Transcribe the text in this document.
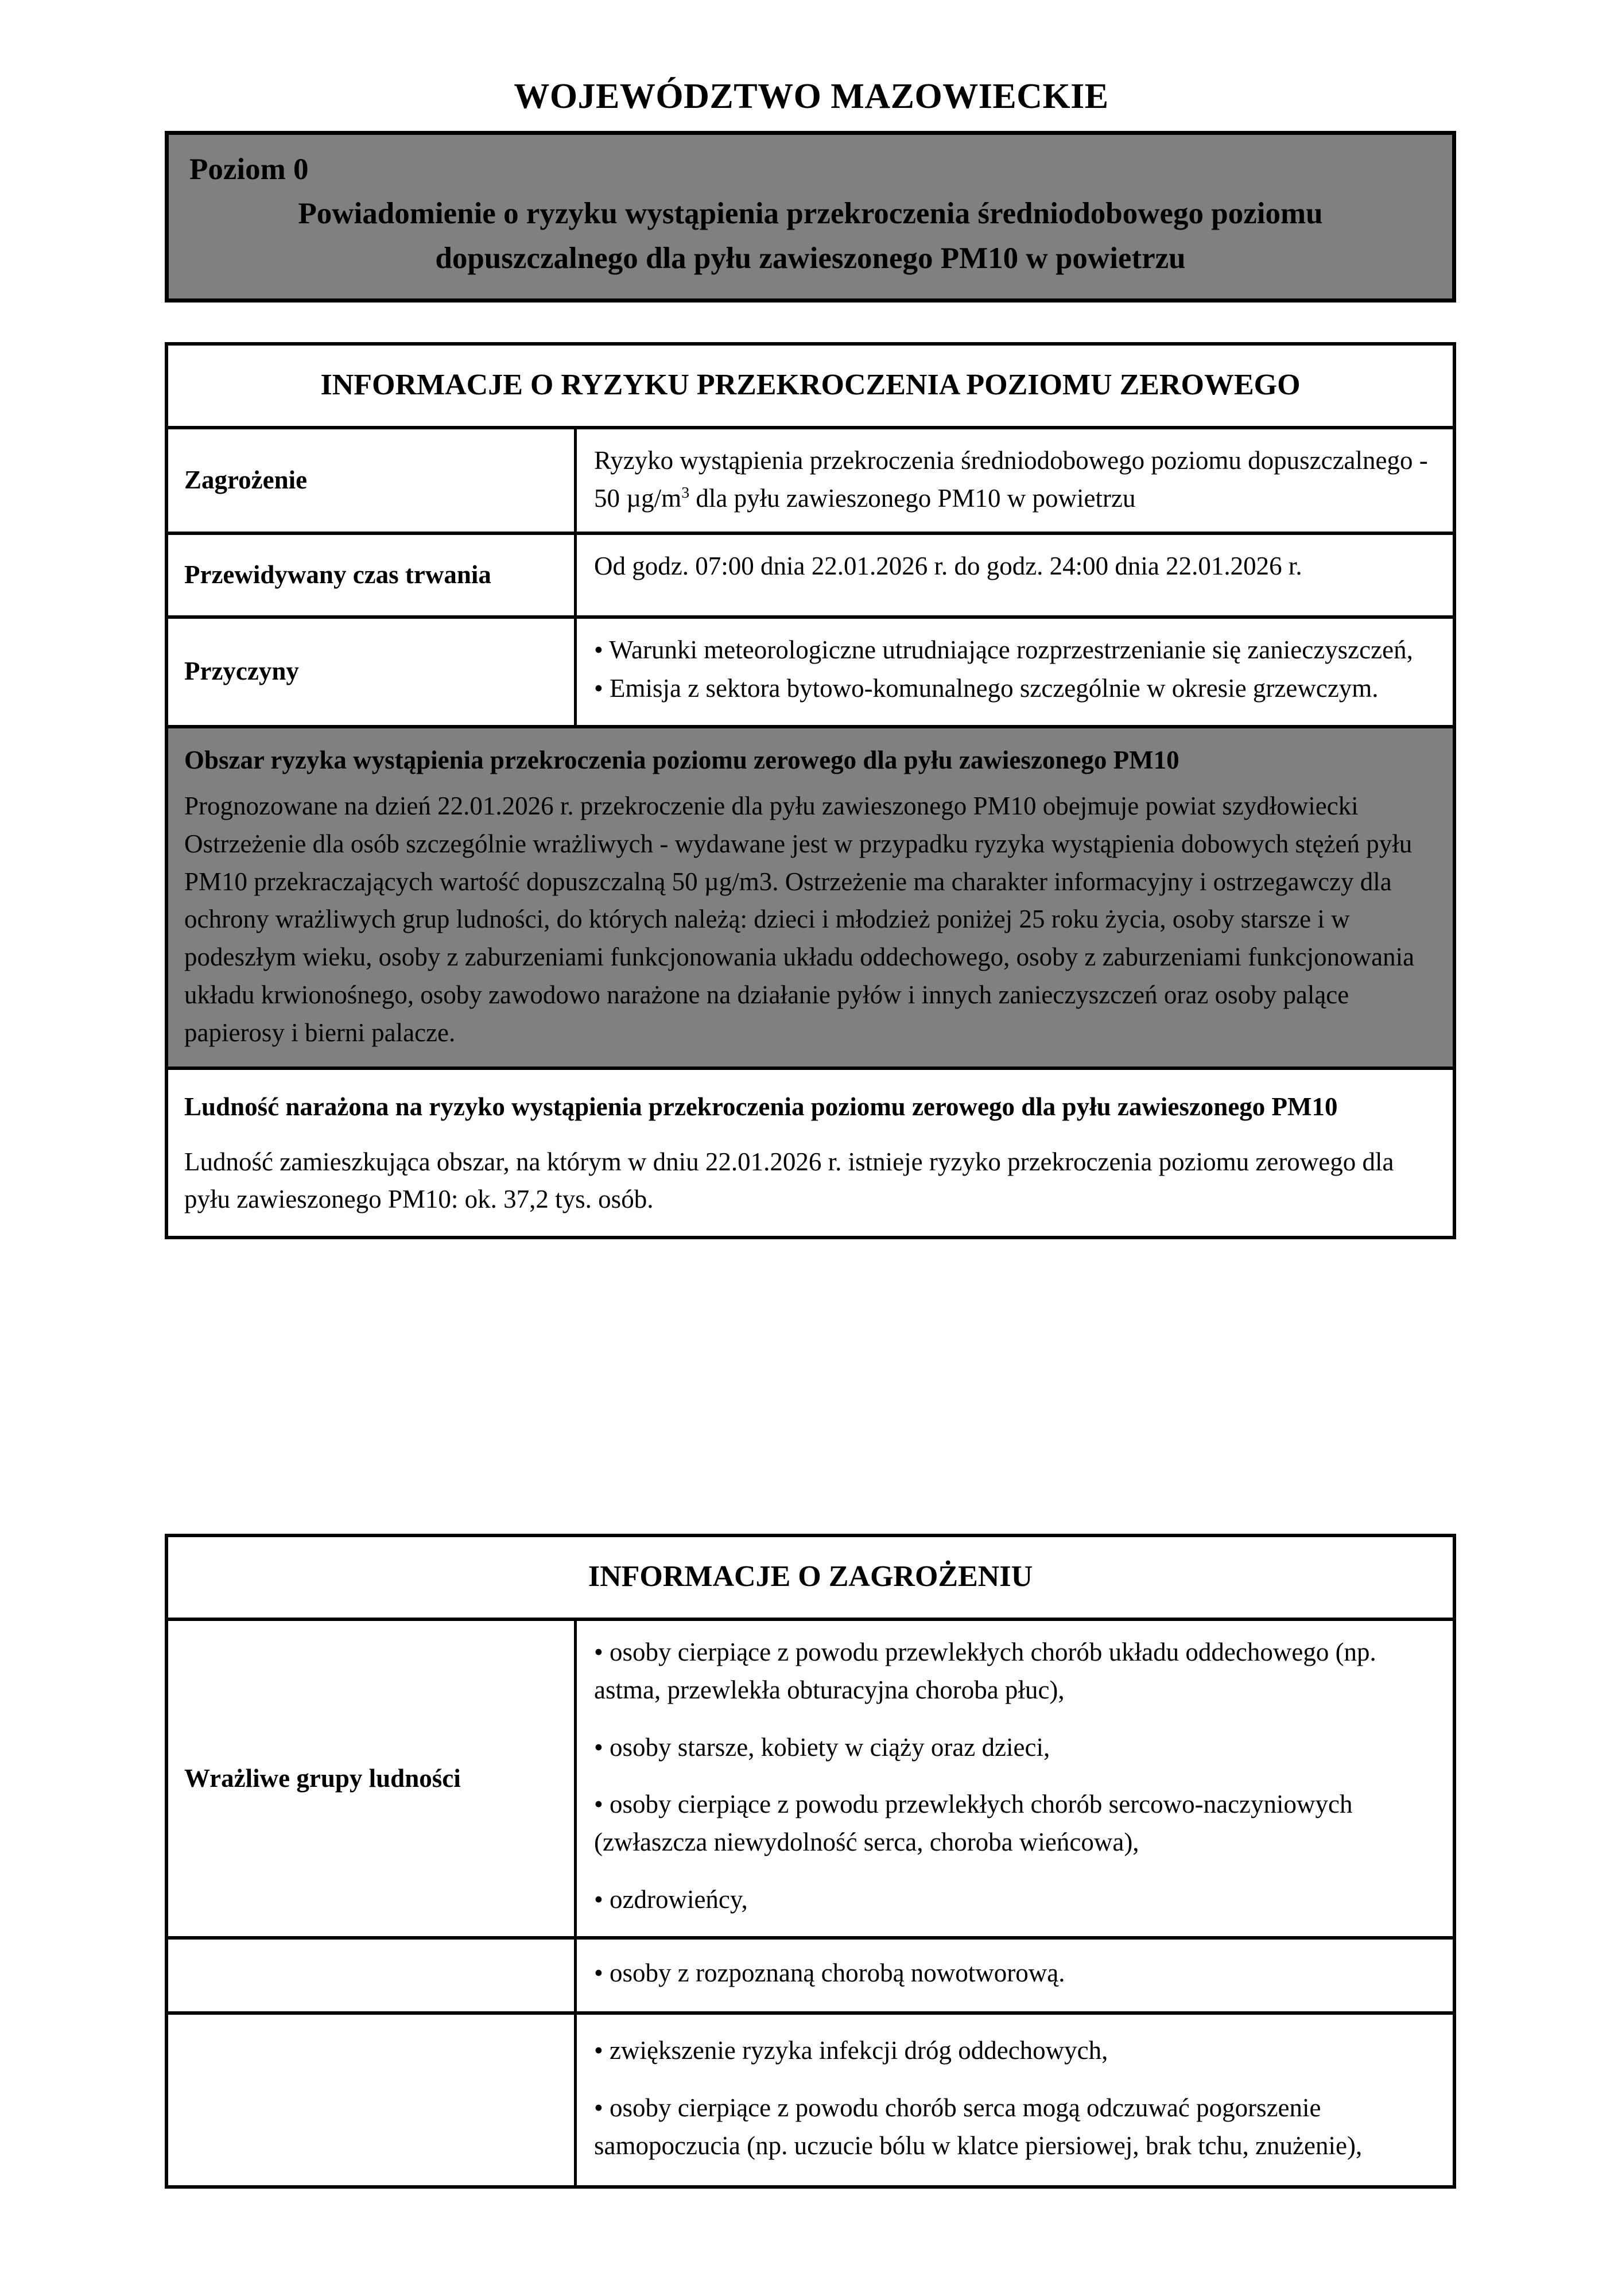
WOJEWÓDZTWO MAZOWIECKIE
Poziom 0
Powiadomienie o ryzyku wystąpienia przekroczenia średniodobowego poziomu dopuszczalnego dla pyłu zawieszonego PM10 w powietrzu
INFORMACJE O RYZYKU PRZEKROCZENIA POZIOMU ZEROWEGO
Zagrożenie
Ryzyko wystąpienia przekroczenia średniodobowego poziomu dopuszczalnego - 50 $\mu g/m^3$ dla pyłu zawieszonego PM10 w powietrzu
Przewidywany czas trwania	Od godz. 07:00 dnia 22.01.2026 r. do godz. 24:00 dnia 22.01.2026 r.
Przyczyny
• Warunki meteorologiczne utrudniające rozprzestrzenianie się zanieczyszczeń,
• Emisja z sektora bytowo-komunalnego szczególnie w okresie grzewczym.
Obszar ryzyka wystąpienia przekroczenia poziomu zerowego dla pyłu zawieszonego PM10
Prognozowane na dzień 22.01.2026 r. przekroczenie dla pyłu zawieszonego PM10 obejmuje powiat szydłowiecki Ostrzeżenie dla osób szczególnie wrażliwych - wydawane jest w przypadku ryzyka wystąpienia dobowych stężeń pyłu PM10 przekraczających wartość dopuszczalną 50 µg/m3. Ostrzeżenie ma charakter informacyjny i ostrzegawczy dla ochrony wrażliwych grup ludności, do których należą: dzieci i młodzież poniżej 25 roku życia, osoby starsze i w podeszłym wieku, osoby z zaburzeniami funkcjonowania układu oddechowego, osoby z zaburzeniami funkcjonowania układu krwionośnego, osoby zawodowo narażone na działanie pyłów i innych zanieczyszczeń oraz osoby palące papierosy i bierni palacze.
Ludność narażona na ryzyko wystąpienia przekroczenia poziomu zerowego dla pyłu zawieszonego PM10
Ludność zamieszkująca obszar, na którym w dniu 22.01.2026 r. istnieje ryzyko przekroczenia poziomu zerowego dla pyłu zawieszonego PM10: ok. 37,2 tys. osób.
INFORMACJE O ZAGROŻENIU
Wrażliwe grupy ludności
• osoby cierpiące z powodu przewlekłych chorób układu oddechowego (np. astma, przewlekła obturacyjna choroba płuc),
• osoby starsze, kobiety w ciąży oraz dzieci,
• osoby cierpiące z powodu przewlekłych chorób sercowo-naczyniowych (zwłaszcza niewydolność serca, choroba wieńcowa),
• ozdrowieńcy,
• osoby z rozpoznaną chorobą nowotworową.
• zwiększenie ryzyka infekcji dróg oddechowych,
• osoby cierpiące z powodu chorób serca mogą odczuwać pogorszenie samopoczucia (np. uczucie bólu w klatce piersiowej, brak tchu, znużenie),
